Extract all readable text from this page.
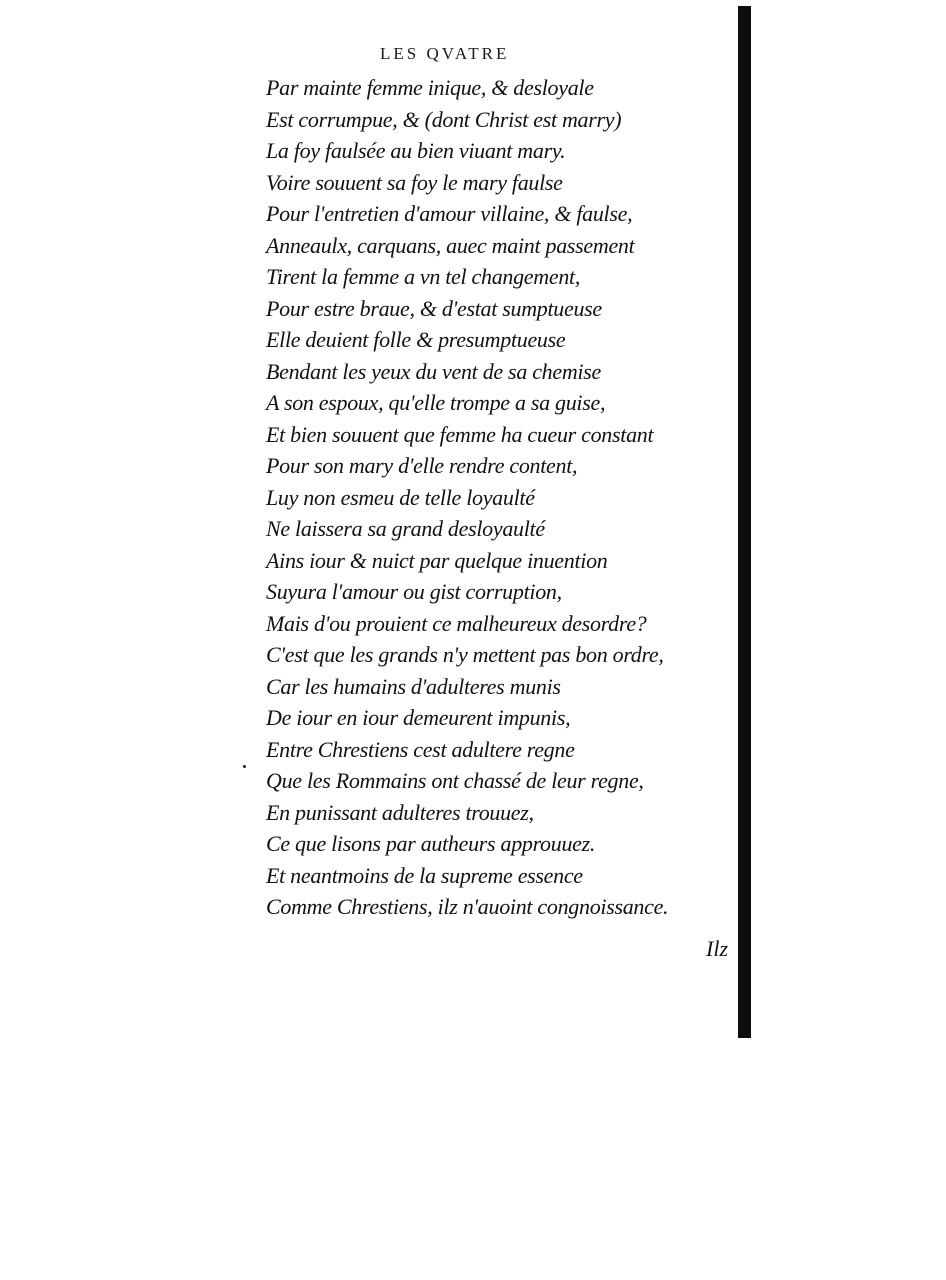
LES QVATRE
Par mainte femme inique, & desloyale
Est corrumpue, & (dont Christ est marry)
La foy faulsée au bien viuant mary.
Voire souuent sa foy le mary faulse
Pour l'entretien d'amour villaine, & faulse,
Anneaulx, carquans, auec maint passement
Tirent la femme a vn tel changement,
Pour estre braue, & d'estat sumptueuse
Elle deuient folle & presumptueuse
Bendant les yeux du vent de sa chemise
A son espoux, qu'elle trompe a sa guise,
Et bien souuent que femme ha cueur constant
Pour son mary d'elle rendre content,
Luy non esmeu de telle loyaulté
Ne laissera sa grand desloyaulté
Ains iour & nuict par quelque inuention
Suyura l'amour ou gist corruption,
Mais d'ou prouient ce malheureux desordre?
C'est que les grands n'y mettent pas bon ordre,
Car les humains d'adulteres munis
De iour en iour demeurent impunis,
Entre Chrestiens cest adultere regne
Que les Rommains ont chassé de leur regne,
En punissant adulteres trouuez,
Ce que lisons par autheurs approuuez.
Et neantmoins de la supreme essence
Comme Chrestiens, ilz n'auoint congnoissance.
Ilz
